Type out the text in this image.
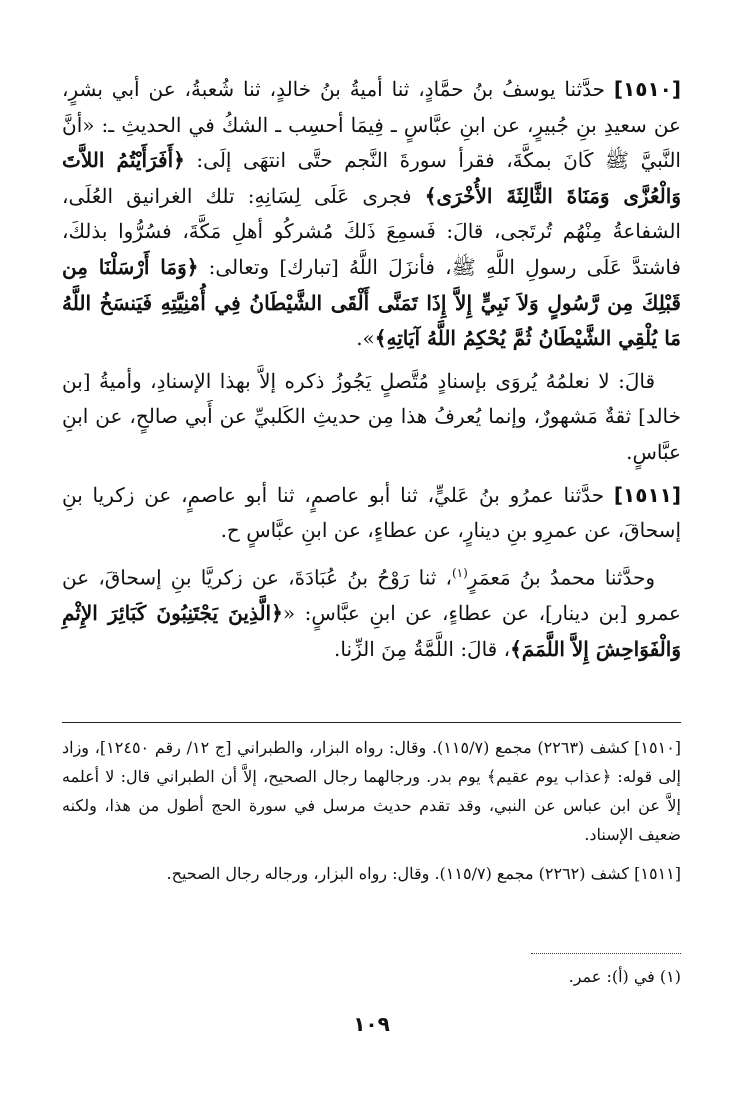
[١٥١٠] حدَّثنا يوسفُ بنُ حمَّادٍ، ثنا أميةُ بنُ خالدٍ، ثنا شُعبةُ، عن أبي بشرٍ، عن سعيدِ بنِ جُبيرٍ، عن ابنِ عبَّاسٍ ـ فِيمَا أحسِب ـ الشكُ في الحديثِ ـ: «أنَّ النَّبيَّ ﷺ كَانَ بمكَّةَ، فقرأ سورةَ النَّجم حتَّى انتهَى إلَى: ﴿أَفَرَأَيْتُمُ اللاَّتَ وَالْعُزَّى وَمَنَاةَ الثَّالِثَةَ الأُخْرَى﴾ فجرى عَلَى لِسَانِهِ: تلك الغرانيق العُلَى، الشفاعةُ مِنْهُم تُرتَجى، قالَ: فَسمِعَ ذَلكَ مُشركُو أهلِ مَكَّةَ، فسُرُّوا بذلكَ، فاشتدَّ عَلَى رسولِ اللَّهِ ﷺ، فأنزَلَ اللَّهُ [تبارك] وتعالى: ﴿وَمَا أَرْسَلْنَا مِن قَبْلِكَ مِن رَّسُولٍ وَلاَ نَبِيٍّ إِلاَّ إِذَا تَمَنَّى أَلْقَى الشَّيْطَانُ فِي أُمْنِيَّتِهِ فَيَنسَخُ اللَّهُ مَا يُلْقِي الشَّيْطَانُ ثُمَّ يُحْكِمُ اللَّهُ آيَاتِهِ﴾».

قالَ: لا نعلمُهُ يُروَى بإسنادٍ مُتَّصلٍ يَجُوزُ ذكره إلاَّ بهذا الإسنادِ، وأميةُ [بن خالد] ثقةٌ مَشهورٌ، وإنما يُعرفُ هذا مِن حديثِ الكَلبيِّ عن أَبي صالحٍ، عن ابنِ عبَّاسٍ.

[١٥١١] حدَّثنا عمرُو بنُ عَليٍّ، ثنا أبو عاصمٍ، ثنا أبو عاصمٍ، عن زكريا بنِ إسحاقَ، عن عمرِو بنِ دينارٍ، عن عطاءٍ، عن ابنِ عبَّاسٍ ح.

وحدَّثنا محمدُ بنُ مَعمَرٍ$^{(١)}$، ثنا رَوْحُ بنُ عُبَادَةَ، عن زكريَّا بنِ إسحاقَ، عن عمرو [بن دينار]، عن عطاءٍ، عن ابنِ عبَّاسٍ: «﴿الَّذِينَ يَجْتَنِبُونَ كَبَائِرَ الإِثْمِ وَالْفَوَاحِشَ إِلاَّ اللَّمَمَ﴾، قالَ: اللَّمَّةُ مِنَ الزِّنا.

[١٥١٠] كشف (٢٢٦٣) مجمع (١١٥/٧). وقال: رواه البزار، والطبراني [ج ١٢/ رقم ١٢٤٥٠]، وزاد إلى قوله: ﴿عذاب يوم عقيم﴾ يوم بدر. ورجالهما رجال الصحيح، إلاَّ أن الطبراني قال: لا أعلمه إلاَّ عن ابن عباس عن النبي، وقد تقدم حديث مرسل في سورة الحج أطول من هذا، ولكنه ضعيف الإسناد.

[١٥١١] كشف (٢٢٦٢) مجمع (١١٥/٧). وقال: رواه البزار، ورجاله رجال الصحيح.

(١) في (أ): عمر.

١٠٩
